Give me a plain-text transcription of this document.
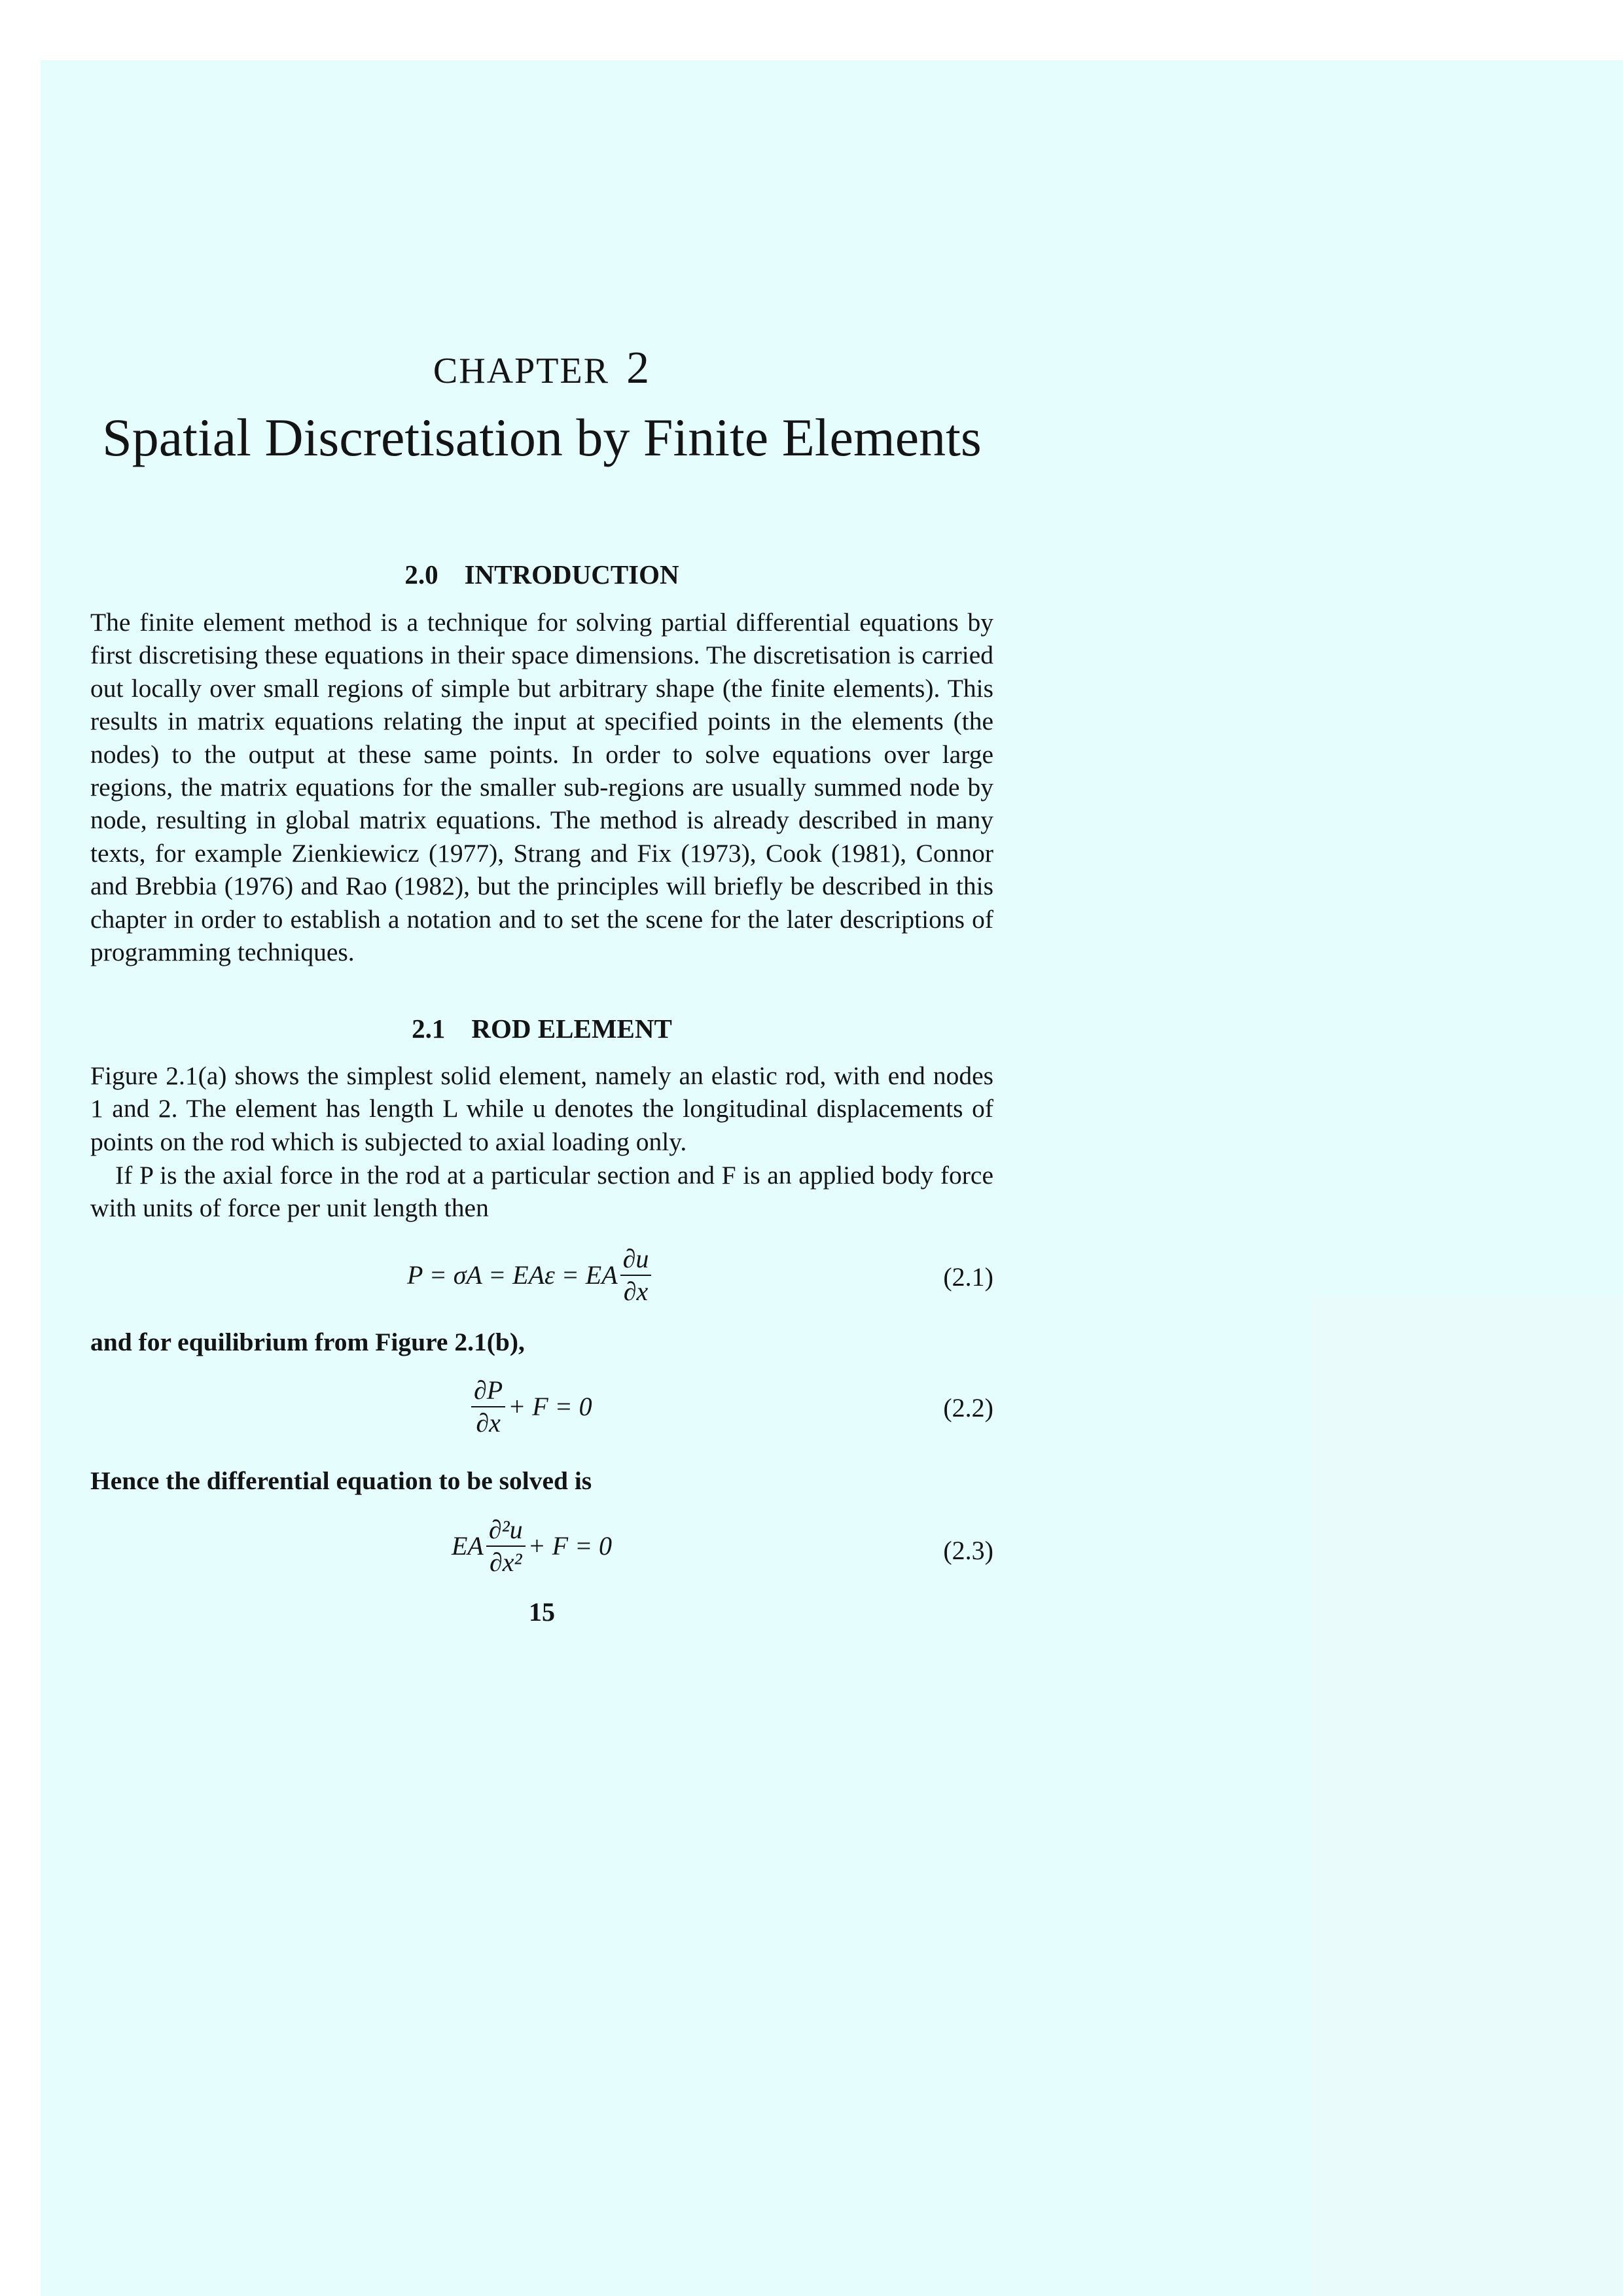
CHAPTER 2
Spatial Discretisation by Finite Elements
2.0 INTRODUCTION

The finite element method is a technique for solving partial differential equations by first discretising these equations in their space dimensions. The discretisation is carried out locally over small regions of simple but arbitrary shape (the finite elements). This results in matrix equations relating the input at specified points in the elements (the nodes) to the output at these same points. In order to solve equations over large regions, the matrix equations for the smaller sub-regions are usually summed node by node, resulting in global matrix equations. The method is already described in many texts, for example Zienkiewicz (1977), Strang and Fix (1973), Cook (1981), Connor and Brebbia (1976) and Rao (1982), but the principles will briefly be described in this chapter in order to establish a notation and to set the scene for the later descriptions of programming techniques.

2.1 ROD ELEMENT

Figure 2.1(a) shows the simplest solid element, namely an elastic rod, with end nodes 1 and 2. The element has length L while u denotes the longitudinal displacements of points on the rod which is subjected to axial loading only.

If P is the axial force in the rod at a particular section and F is an applied body force with units of force per unit length then

P = σA = EAε = EA $\frac{\partial u}{\partial x}$	(2.1)

and for equilibrium from Figure 2.1(b),

$\frac{\partial P}{\partial x} + F = 0$	(2.2)

Hence the differential equation to be solved is

EA $\frac{\text{∂²u}}{\text{∂x²}} + F = 0$	(2.3)
15
